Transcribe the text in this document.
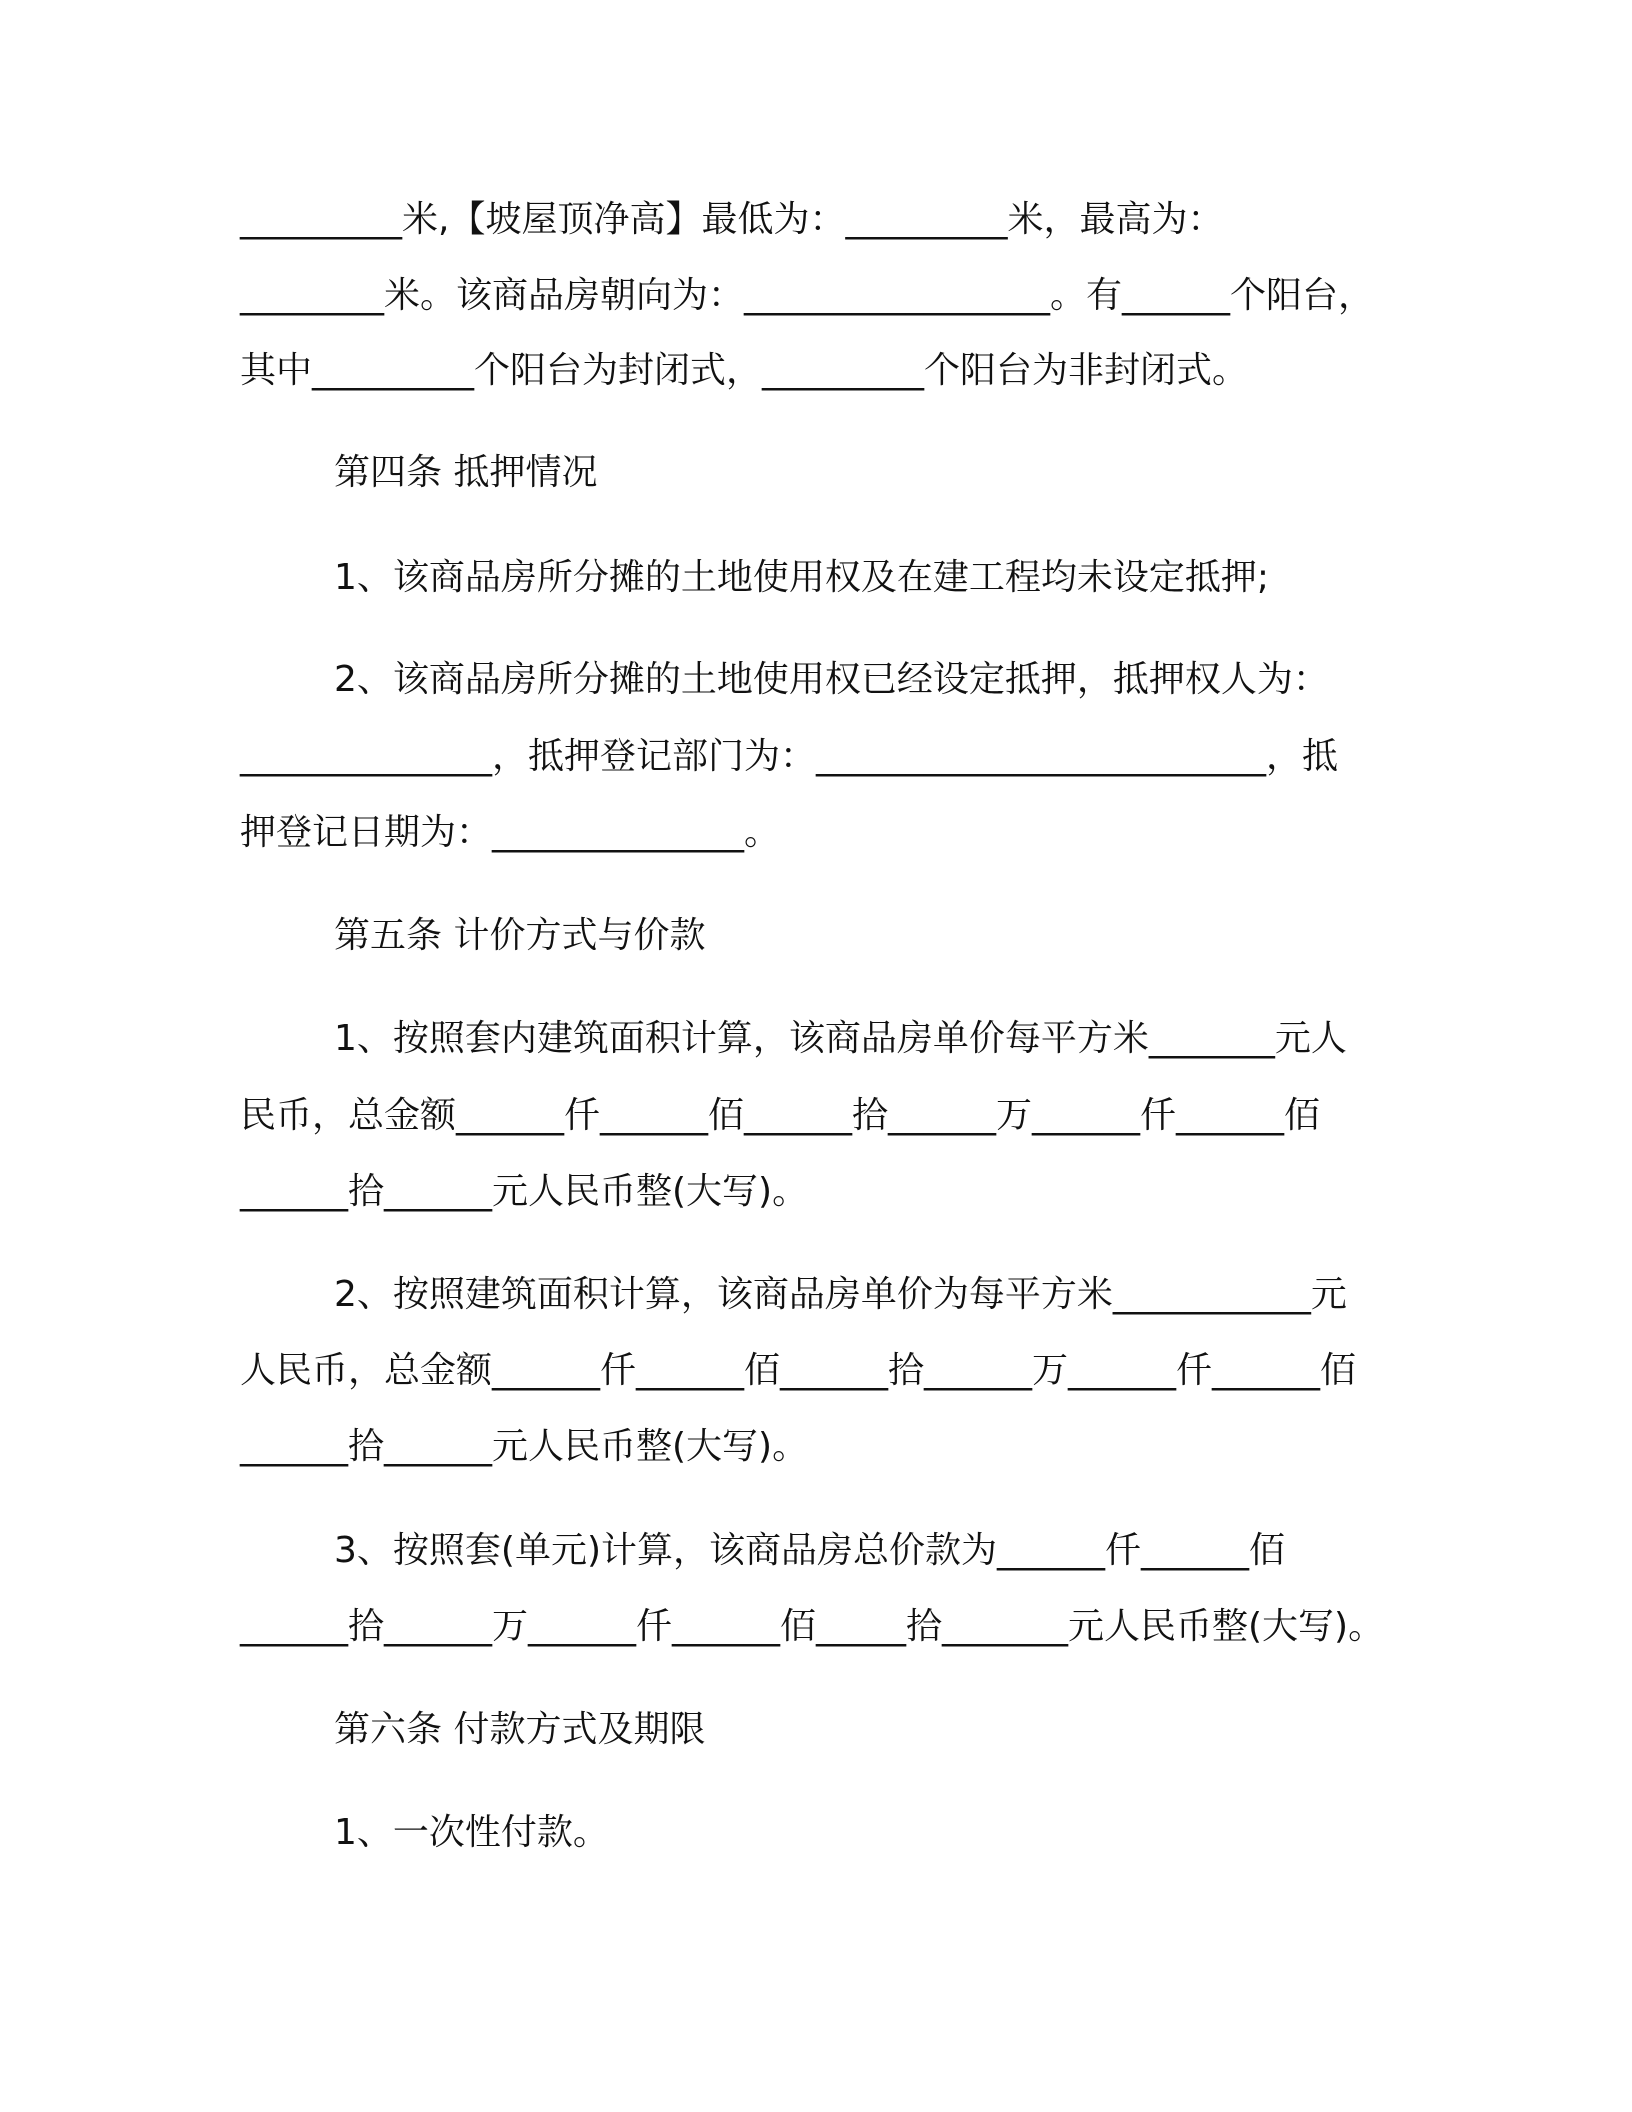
_________米,【坡屋顶净高】最低为：_________米，最高为：
________米。该商品房朝向为：_________________。有______个阳台，
其中_________个阳台为封闭式，_________个阳台为非封闭式。
第四条 抵押情况
1、该商品房所分摊的土地使用权及在建工程均未设定抵押;
2、该商品房所分摊的土地使用权已经设定抵押，抵押权人为：
______________，抵押登记部门为：_________________________，抵
押登记日期为：______________。
第五条 计价方式与价款
1、按照套内建筑面积计算，该商品房单价每平方米_______元人
民币，总金额______仟______佰______拾______万______仟______佰
______拾______元人民币整(大写)。
2、按照建筑面积计算，该商品房单价为每平方米___________元
人民币，总金额______仟______佰______拾______万______仟______佰
______拾______元人民币整(大写)。
3、按照套(单元)计算，该商品房总价款为______仟______佰
______拾______万______仟______佰_____拾_______元人民币整(大写)。
第六条 付款方式及期限
1、一次性付款。
